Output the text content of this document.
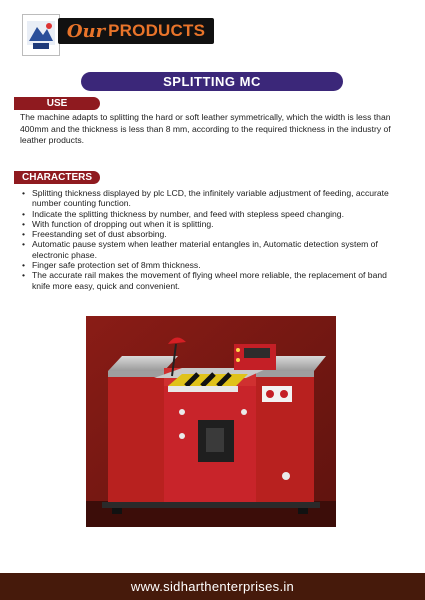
Our PRODUCTS
SPLITTING MC
USE

The machine adapts to splitting the hard or soft leather symmetrically, which the width is less than 400mm and the thickness is less than 8 mm, according to the required thickness in the industry of leather products.

CHARACTERS
• Splitting thickness displayed by plc LCD, the infinitely variable adjustment of feeding, accurate number counting function.
• Indicate the splitting thickness by number, and feed with stepless speed changing.
• With function of dropping out when it is splitting.
• Freestanding set of dust absorbing.
• Automatic pause system when leather material entangles in, Automatic detection system of electronic phase.
• Finger safe protection set of 8mm thickness.
• The accurate rail makes the movement of flying wheel more reliable, the replacement of band knife more easy, quick and convenient.
www.sidharthenterprises.in
